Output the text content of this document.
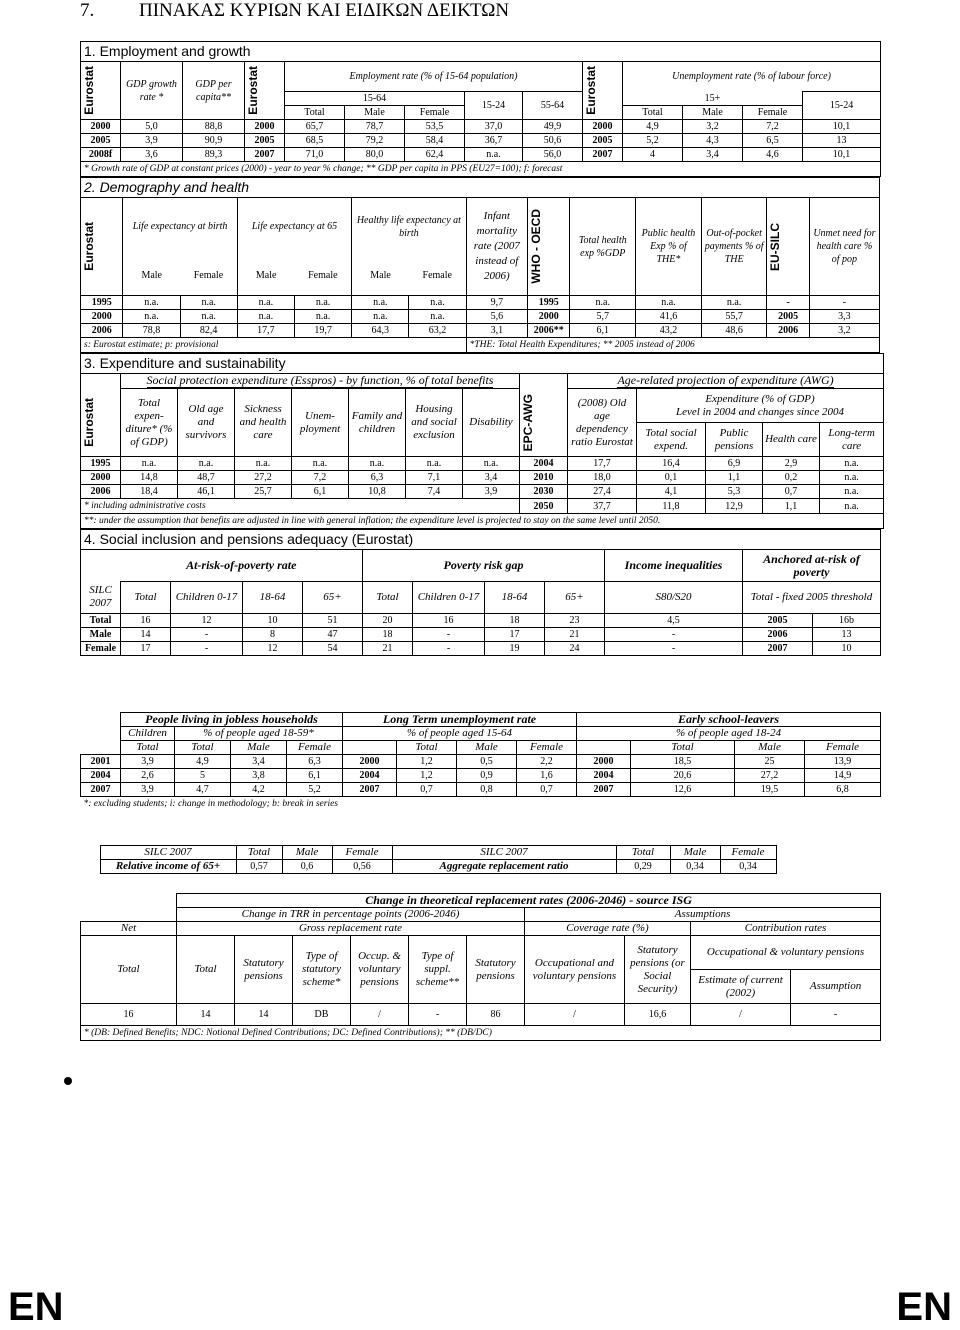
7. ΠΙΝΑΚΑΣ ΚΥΡΙΩΝ ΚΑΙ ΕΙΔΙΚΩΝ ΔΕΙΚΤΩΝ
1. Employment and growth													

Eurostat	GDP growth rate *	GDP per capita**	Eurostat	Employment rate (% of 15-64 population)					Eurostat	Unemployment rate (% of labour force)			
				15-64			15-24	55-64		15+			15-24
				Total	Male	Female				Total	Male	Female	
2000	5,0	88,8	2000	65,7	78,7	53,5	37,0	49,9	2000	4,9	3,2	7,2	10,1
2005	3,9	90,9	2005	68,5	79,2	58,4	36,7	50,6	2005	5,2	4,3	6,5	13
2008f	3,6	89,3	2007	71,0	80,0	62,4	n.a.	56,0	2007	4	3,4	4,6	10,1
* Growth rate of GDP at constant prices (2000) - year to year % change; ** GDP per capita in PPS (EU27=100); f: forecast													
2. Demography and health													

Eurostat	Life expectancy at birth		Life expectancy at 65		Healthy life expectancy at birth		Infant mortality rate (2007 instead of 2006)	WHO - OECD	Total health exp %GDP	Public health Exp % of THE*	Out-of-pocket payments % of THE	EU-SILC	Unmet need for health care % of pop
	Male	Female	Male	Female	Male	Female							
1995	n.a.	n.a.	n.a.	n.a.	n.a.	n.a.	9,7	1995	n.a.	n.a.	n.a.	-	-
2000	n.a.	n.a.	n.a.	n.a.	n.a.	n.a.	5,6	2000	5,7	41,6	55,7	2005	3,3
2006	78,8	82,4	17,7	19,7	64,3	63,2	3,1	2006**	6,1	43,2	48,6	2006	3,2
s: Eurostat estimate; p: provisional							*THE: Total Health Expenditures; ** 2005 instead of 2006						
3. Expenditure and sustainability													
	Social protection expenditure (Esspros) - by function, % of total benefits								Age-related projection of expenditure (AWG)				

Eurostat	Total expen-diture* (% of GDP)	Old age and survivors	Sickness and health care	Unem-ployment	Family and children	Housing and social exclusion	Disability	EPC-AWG	(2008) Old age dependency ratio Eurostat	Expenditure (% of GDP)
Level in 2004 and changes since 2004			
										Total social expend.	Public pensions	Health care	Long-term care
1995	n.a.	n.a.	n.a.	n.a.	n.a.	n.a.	n.a.	2004	17,7	16,4	6,9	2,9	n.a.
2000	14,8	48,7	27,2	7,2	6,3	7,1	3,4	2010	18,0	0,1	1,1	0,2	n.a.
2006	18,4	46,1	25,7	6,1	10,8	7,4	3,9	2030	27,4	4,1	5,3	0,7	n.a.
* including administrative costs								2050	37,7	11,8	12,9	1,1	n.a.
**: under the assumption that benefits are adjusted in line with general inflation; the expenditure level is projected to stay on the same level until 2050.													
4. Social inclusion and pensions adequacy (Eurostat)											
	At-risk-of-poverty rate				Poverty risk gap				Income inequalities	Anchored at-risk of poverty	
SILC 2007	Total	Children 0-17	18-64	65+	Total	Children 0-17	18-64	65+	S80/S20	Total - fixed 2005 threshold	
Total	16	12	10	51	20	16	18	23	4,5	2005	16b
Male	14	-	8	47	18	-	17	21	-	2006	13
Female	17	-	12	54	21	-	19	24	-	2007	10
	People living in jobless households				Long Term unemployment rate				Early school-leavers			
	Children	% of people aged 18-59*			% of people aged 15-64				% of people aged 18-24			
	Total	Total	Male	Female		Total	Male	Female		Total	Male	Female
2001	3,9	4,9	3,4	6,3	2000	1,2	0,5	2,2	2000	18,5	25	13,9
2004	2,6	5	3,8	6,1	2004	1,2	0,9	1,6	2004	20,6	27,2	14,9
2007	3,9	4,7	4,2	5,2	2007	0,7	0,8	0,7	2007	12,6	19,5	6,8
*: excluding students; i: change in methodology; b: break in series												
	SILC 2007	Total	Male	Female	SILC 2007	Total	Male	Female	
	Relative income of 65+	0,57	0,6	0,56	Aggregate replacement ratio	0,29	0,34	0,34	
	Change in theoretical replacement rates (2006-2046) - source ISG									
	Change in TRR in percentage points (2006-2046)						Assumptions			
Net	Gross replacement rate						Coverage rate (%)		Contribution rates	
Total	Total	Statutory pensions	Type of statutory scheme*	Occup. & voluntary pensions	Type of suppl. scheme**	Statutory pensions	Occupational and voluntary pensions	Statutory pensions (or Social Security)	Occupational & voluntary pensions	
									Estimate of current (2002)	Assumption
16	14	14	DB	/	-	86	/	16,6	/	-
* (DB: Defined Benefits; NDC: Notional Defined Contributions; DC: Defined Contributions); ** (DB/DC)										
EN	EN
